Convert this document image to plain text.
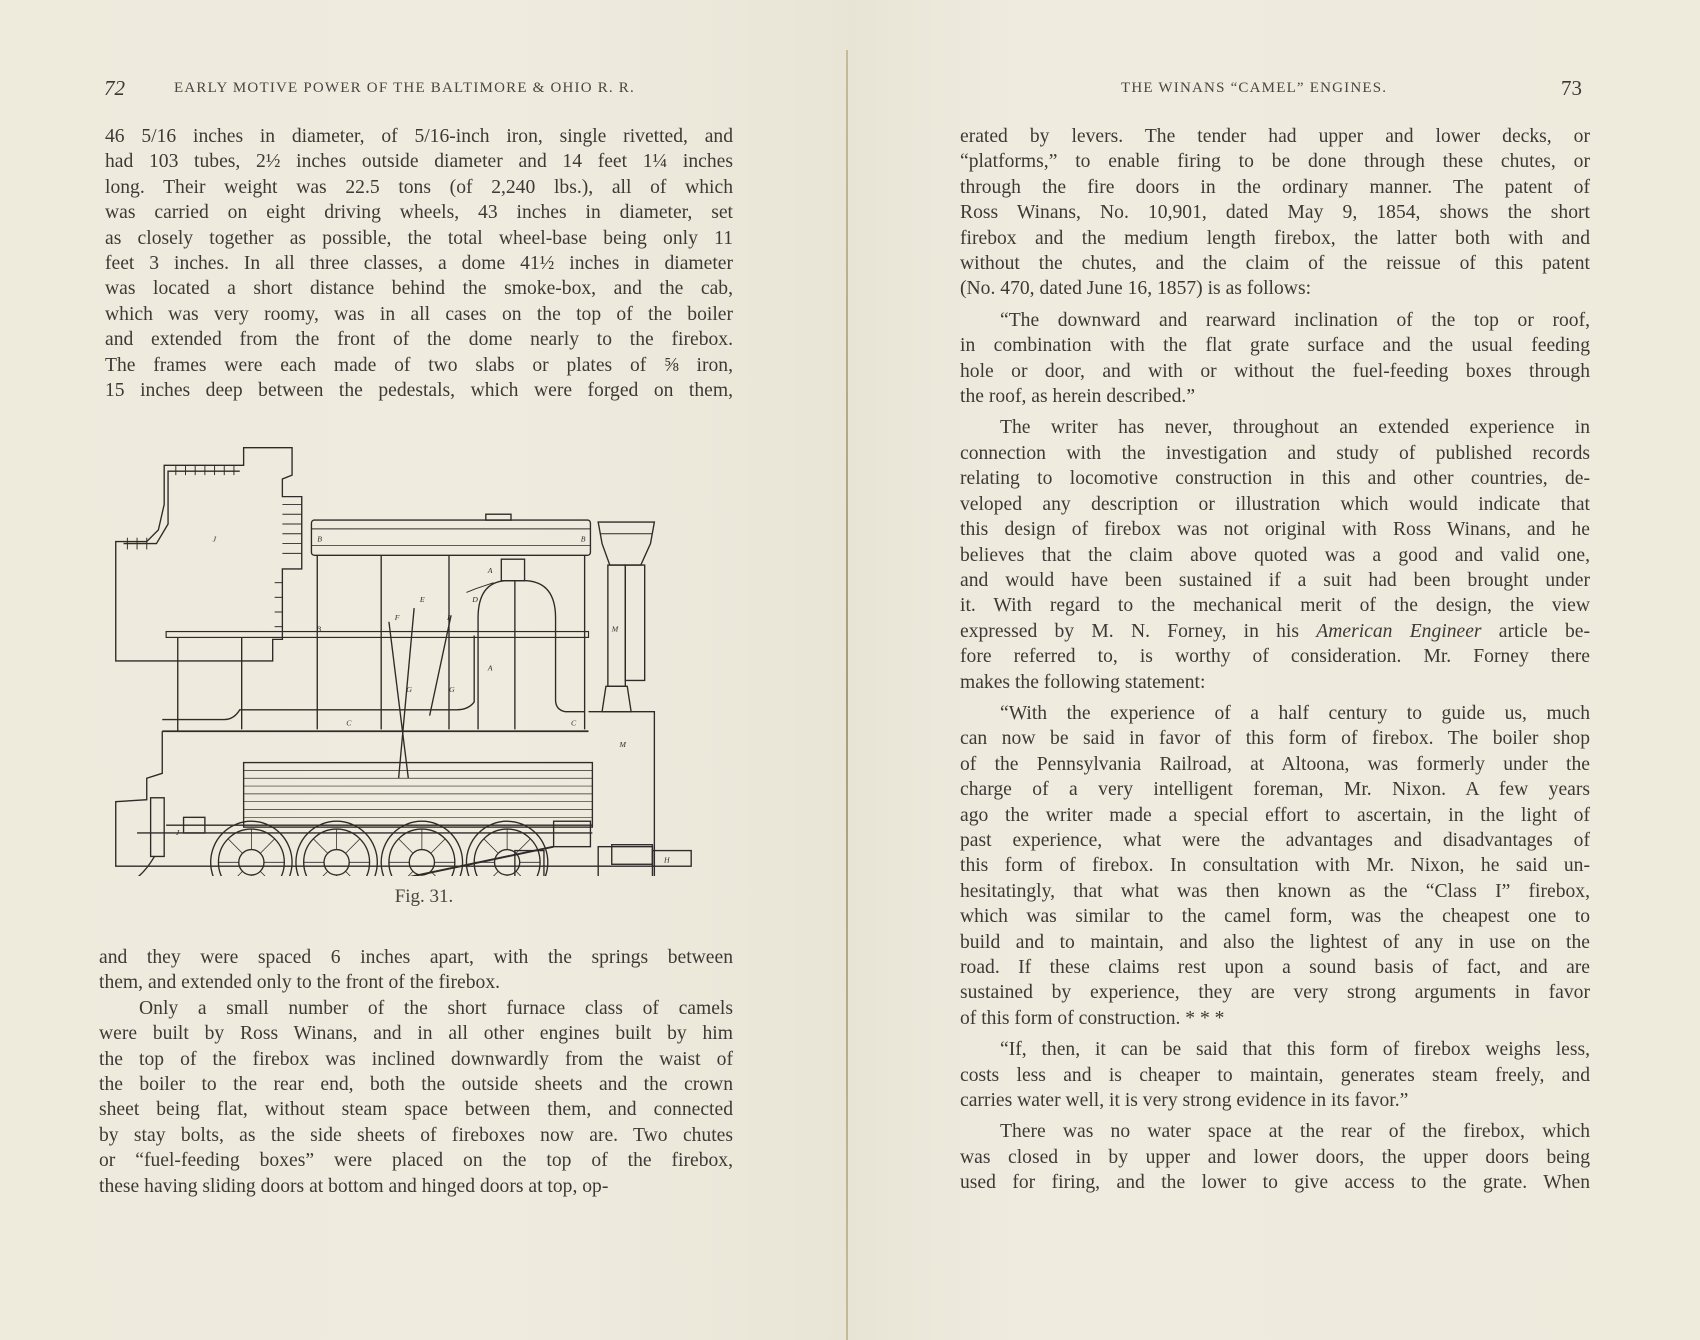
72	EARLY MOTIVE POWER OF THE BALTIMORE & OHIO R. R.
46 5/16 inches in diameter, of 5/16-inch iron, single rivetted, and
had 103 tubes, 2½ inches outside diameter and 14 feet 1¼ inches
long. Their weight was 22.5 tons (of 2,240 lbs.), all of which
was carried on eight driving wheels, 43 inches in diameter, set
as closely together as possible, the total wheel-base being only 11
feet 3 inches. In all three classes, a dome 41½ inches in diameter
was located a short distance behind the smoke-box, and the cab,
which was very roomy, was in all cases on the top of the boiler
and extended from the front of the dome nearly to the firebox.
The frames were each made of two slabs or plates of ⅝ iron,
15 inches deep between the pedestals, which were forged on them,
J	B	B
B
A
D
E
F	F
A
G	G
C	C
M
M
J
H
Fig. 31.
and they were spaced 6 inches apart, with the springs between
them, and extended only to the front of the firebox.
Only a small number of the short furnace class of camels
were built by Ross Winans, and in all other engines built by him
the top of the firebox was inclined downwardly from the waist of
the boiler to the rear end, both the outside sheets and the crown
sheet being flat, without steam space between them, and connected
by stay bolts, as the side sheets of fireboxes now are. Two chutes
or “fuel-feeding boxes” were placed on the top of the firebox,
these having sliding doors at bottom and hinged doors at top, op-
THE WINANS “CAMEL” ENGINES.	73
erated by levers. The tender had upper and lower decks, or
“platforms,” to enable firing to be done through these chutes, or
through the fire doors in the ordinary manner. The patent of
Ross Winans, No. 10,901, dated May 9, 1854, shows the short
firebox and the medium length firebox, the latter both with and
without the chutes, and the claim of the reissue of this patent
(No. 470, dated June 16, 1857) is as follows:
“The downward and rearward inclination of the top or roof,
in combination with the flat grate surface and the usual feeding
hole or door, and with or without the fuel-feeding boxes through
the roof, as herein described.”
The writer has never, throughout an extended experience in
connection with the investigation and study of published records
relating to locomotive construction in this and other countries, de-
veloped any description or illustration which would indicate that
this design of firebox was not original with Ross Winans, and he
believes that the claim above quoted was a good and valid one,
and would have been sustained if a suit had been brought under
it. With regard to the mechanical merit of the design, the view
expressed by M. N. Forney, in his American Engineer article be-
fore referred to, is worthy of consideration. Mr. Forney there
makes the following statement:
“With the experience of a half century to guide us, much
can now be said in favor of this form of firebox. The boiler shop
of the Pennsylvania Railroad, at Altoona, was formerly under the
charge of a very intelligent foreman, Mr. Nixon. A few years
ago the writer made a special effort to ascertain, in the light of
past experience, what were the advantages and disadvantages of
this form of firebox. In consultation with Mr. Nixon, he said un-
hesitatingly, that what was then known as the “Class I” firebox,
which was similar to the camel form, was the cheapest one to
build and to maintain, and also the lightest of any in use on the
road. If these claims rest upon a sound basis of fact, and are
sustained by experience, they are very strong arguments in favor
of this form of construction. * * *
“If, then, it can be said that this form of firebox weighs less,
costs less and is cheaper to maintain, generates steam freely, and
carries water well, it is very strong evidence in its favor.”
There was no water space at the rear of the firebox, which
was closed in by upper and lower doors, the upper doors being
used for firing, and the lower to give access to the grate. When
